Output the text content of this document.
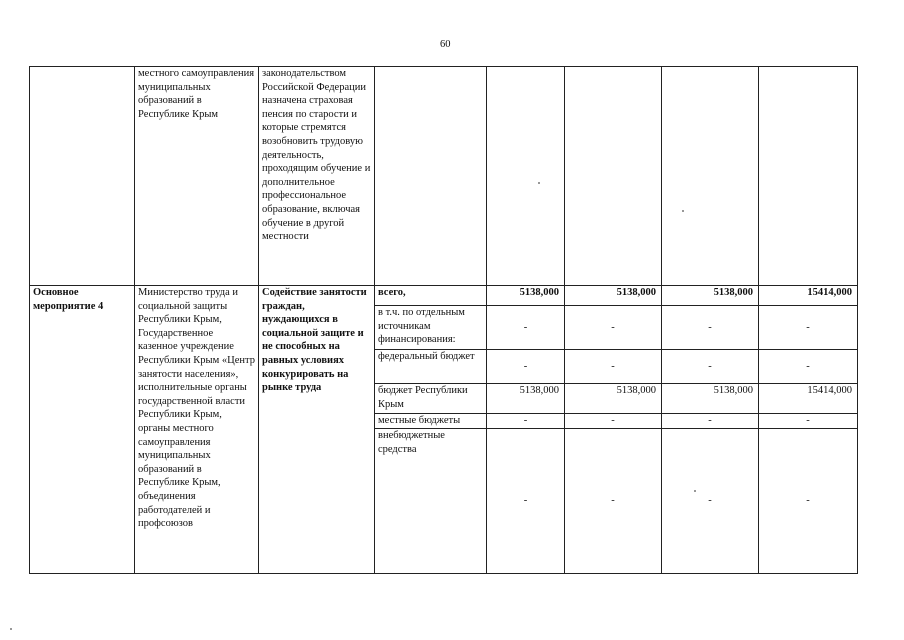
60
	местного самоуправления муниципальных образований в Республике Крым	законодательством Российской Федерации назначена страховая пенсия по старости и которые стремятся возобновить трудовую деятельность, проходящим обучение и дополнительное профессиональное образование, включая обучение в другой местности					
Основное мероприятие 4	Министерство труда и социальной защиты Республики Крым, Государственное казенное учреждение Республики Крым «Центр занятости населения», исполнительные органы государственной власти Республики Крым, органы местного самоуправления муниципальных образований в Республике Крым, объединения работодателей и профсоюзов	Содействие занятости граждан, нуждающихся в социальной защите и не способных на равных условиях конкурировать на рынке труда	всего,	5138,000	5138,000	5138,000	15414,000
			в т.ч. по отдельным источникам финансирования:	-	-	-	-
			федеральный бюджет	-	-	-	-
			бюджет Республики Крым	5138,000	5138,000	5138,000	15414,000
			местные бюджеты	-	-	-	-
			внебюджетные средства	-	-	-	-
